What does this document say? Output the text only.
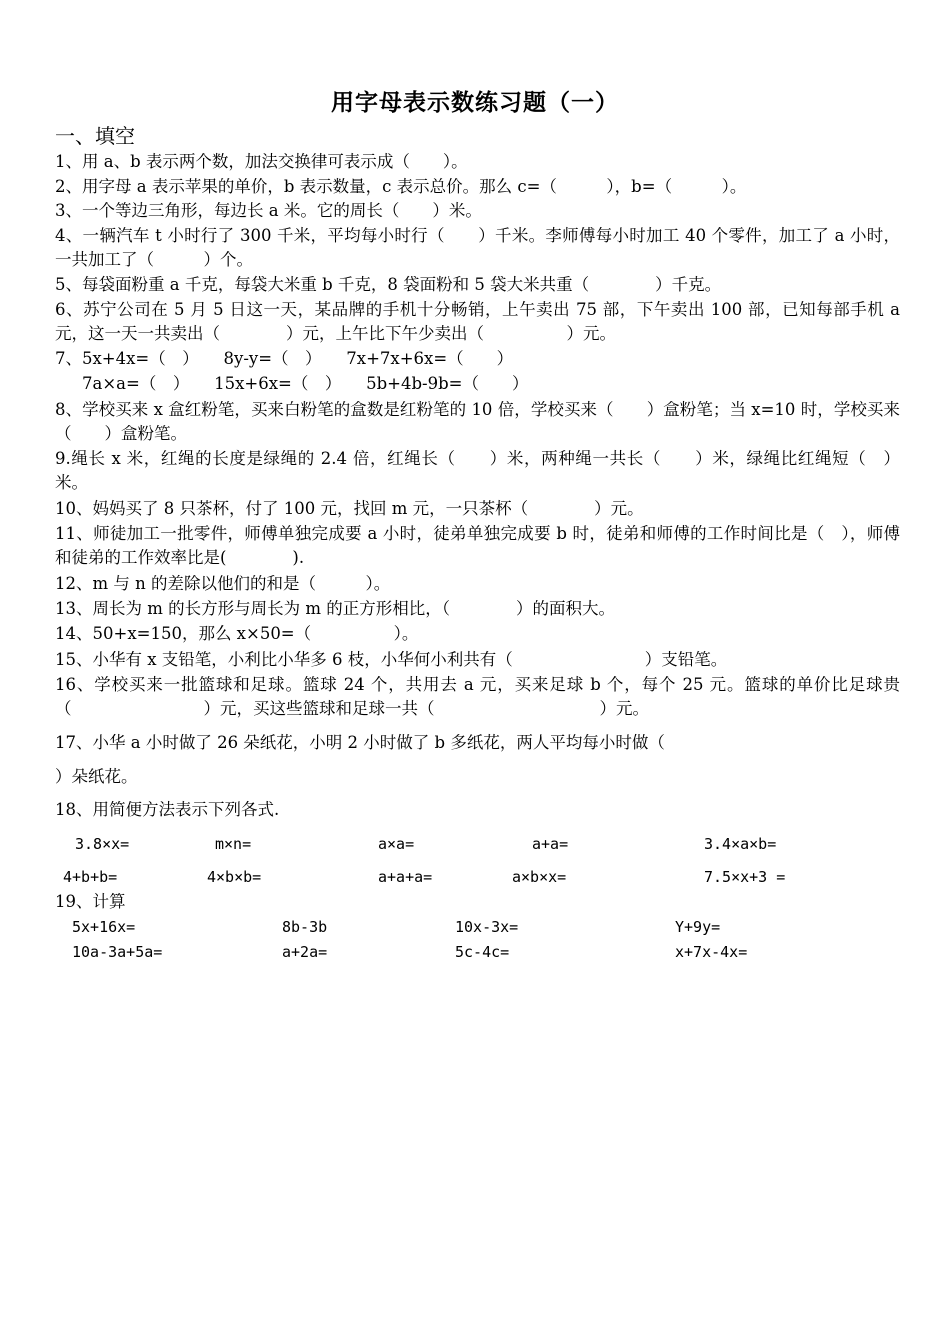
用字母表示数练习题（一）

一、填空

1、用 a、b 表示两个数，加法交换律可表示成（　　）。

2、用字母 a 表示苹果的单价，b 表示数量，c 表示总价。那么 c=（　　　），b=（　　　）。

3、一个等边三角形，每边长 a 米。它的周长（　　）米。

4、一辆汽车 t 小时行了 300 千米，平均每小时行（　　）千米。李师傅每小时加工 40 个零件，加工了 a 小时，一共加工了（　　　）个。

5、每袋面粉重 a 千克，每袋大米重 b 千克，8 袋面粉和 5 袋大米共重（　　　　）千克。

6、苏宁公司在 5 月 5 日这一天，某品牌的手机十分畅销，上午卖出 75 部，下午卖出 100 部，已知每部手机 a 元，这一天一共卖出（　　　　）元，上午比下午少卖出（　　　　　）元。

7、5x+4x=（　）　　8y-y=（　）　　7x+7x+6x=（　　）

7a×a=（　）　　15x+6x=（　）　　5b+4b-9b=（　　）

8、学校买来 x 盒红粉笔，买来白粉笔的盒数是红粉笔的 10 倍，学校买来（　　）盒粉笔；当 x=10 时，学校买来（　　）盒粉笔。

9.绳长 x 米，红绳的长度是绿绳的 2.4 倍，红绳长（　　）米，两种绳一共长（　　）米，绿绳比红绳短（　）米。

10、妈妈买了 8 只茶杯，付了 100 元，找回 m 元，一只茶杯（　　　　）元。

11、师徒加工一批零件，师傅单独完成要 a 小时，徒弟单独完成要 b 时，徒弟和师傅的工作时间比是（　），师傅和徒弟的工作效率比是(　　　　).

12、m 与 n 的差除以他们的和是（　　　）。

13、周长为 m 的长方形与周长为 m 的正方形相比，（　　　　）的面积大。

14、50+x=150，那么 x×50=（　　　　　）。

15、小华有 x 支铅笔，小利比小华多 6 枝，小华何小利共有（　　　　　　　　）支铅笔。

16、学校买来一批篮球和足球。篮球 24 个，共用去 a 元，买来足球 b 个，每个 25 元。篮球的单价比足球贵（　　　　　　　　）元，买这些篮球和足球一共（　　　　　　　　　　）元。

17、小华 a 小时做了 26 朵纸花，小明 2 小时做了 b 多纸花，两人平均每小时做（

）朵纸花。

18、用简便方法表示下列各式.

3.8×x=	m×n=	a×a=	a+a=	3.4×a×b=
4+b+b=	4×b×b=	a+a+a=	a×b×x=	7.5×x+3 =

19、计算

5x+16x=	8b-3b	10x-3x=	Y+9y=
10a-3a+5a=	a+2a=	5c-4c=	x+7x-4x=
